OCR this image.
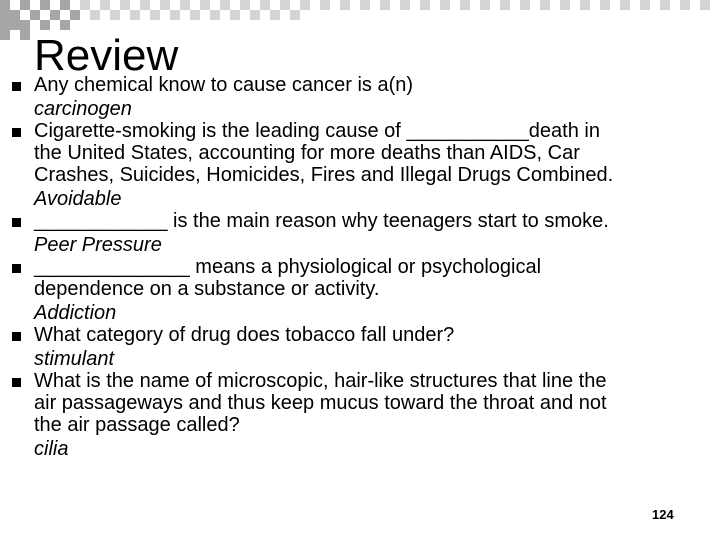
Review
Any chemical know to cause cancer is a(n)
carcinogen
Cigarette-smoking is the leading cause of ___________death in
the United States, accounting for more deaths than AIDS, Car
Crashes, Suicides, Homicides, Fires and Illegal Drugs Combined.
Avoidable
____________ is the main reason why teenagers start to smoke.
Peer Pressure
______________ means a physiological or psychological
dependence on a substance or activity.
Addiction
What category of drug does tobacco fall under?
stimulant
What is the name of microscopic, hair-like structures that line the
air passageways and thus keep mucus toward the throat and not
the air passage called?
cilia
124
